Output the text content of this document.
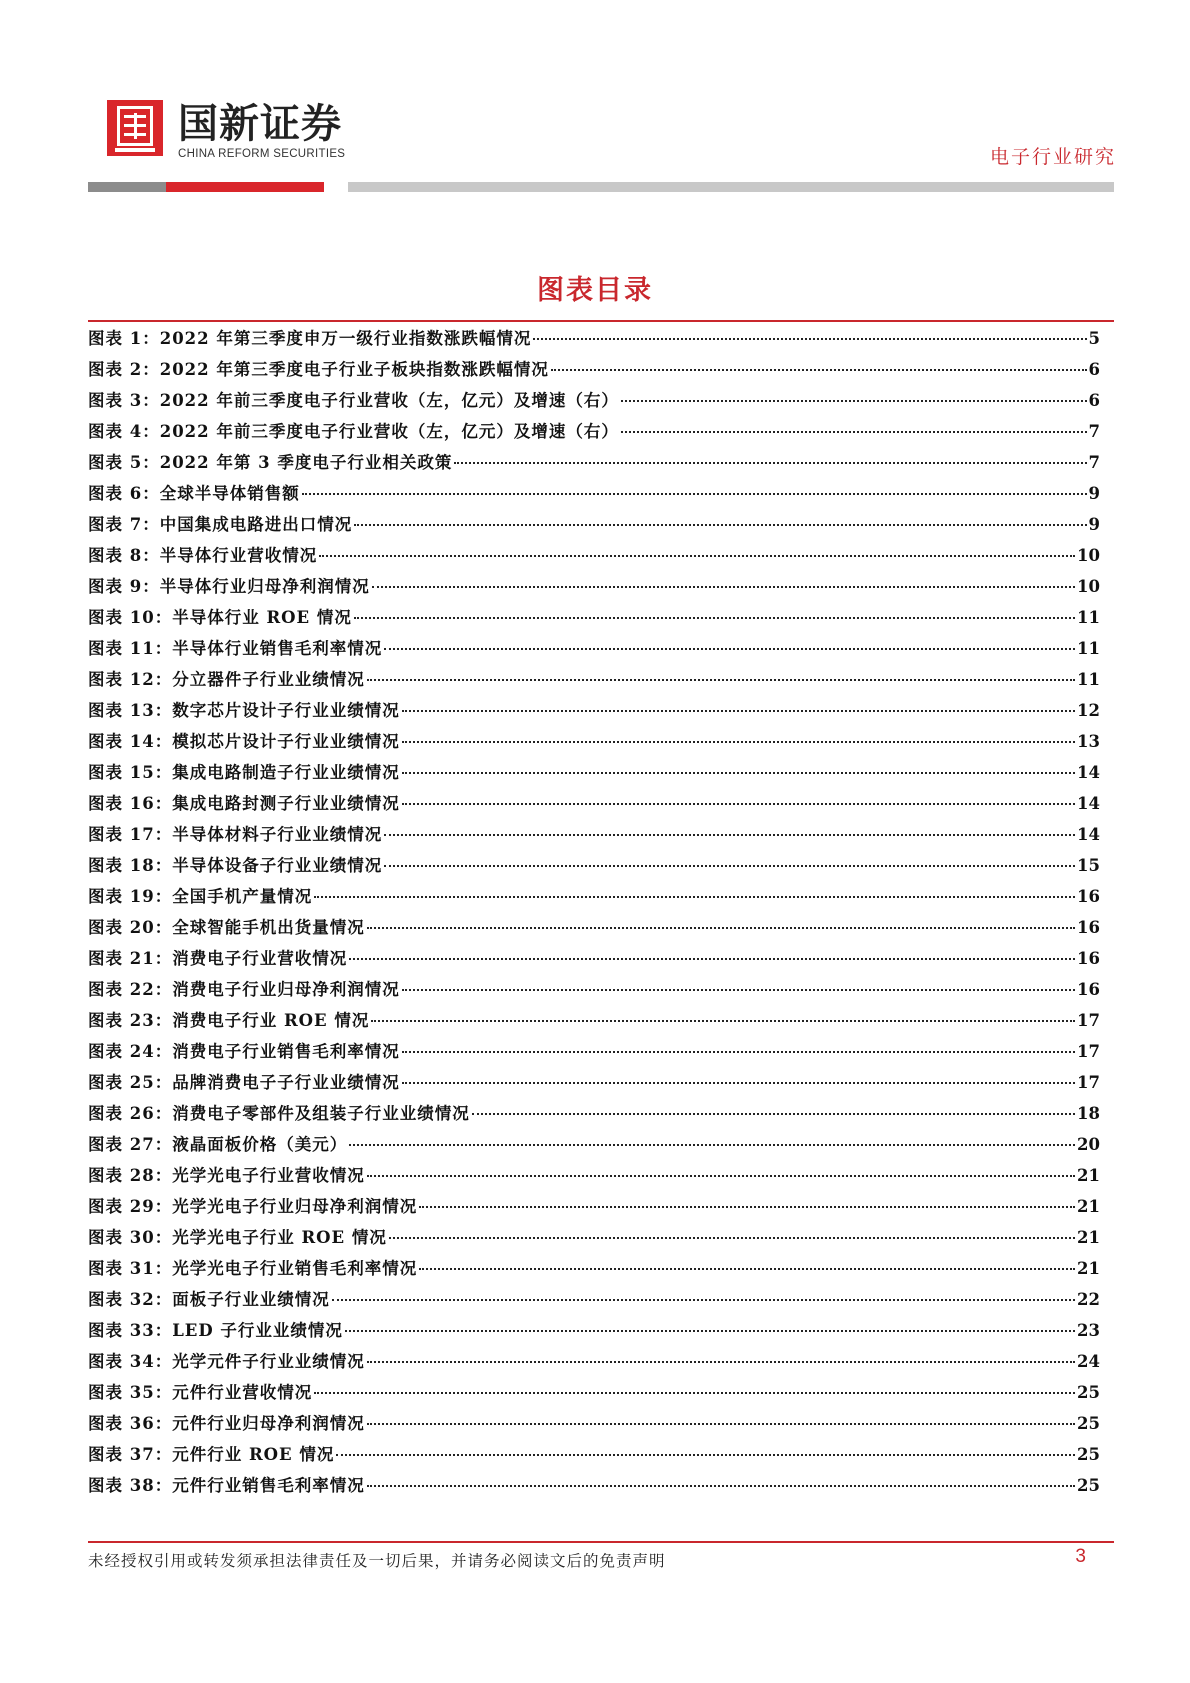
国新证券
CHINA REFORM SECURITIES	电子行业研究
图表目录
图表 1：2022 年第三季度申万一级行业指数涨跌幅情况	5
图表 2：2022 年第三季度电子行业子板块指数涨跌幅情况	6
图表 3：2022 年前三季度电子行业营收（左，亿元）及增速（右）	6
图表 4：2022 年前三季度电子行业营收（左，亿元）及增速（右）	7
图表 5：2022 年第 3 季度电子行业相关政策	7
图表 6：全球半导体销售额	9
图表 7：中国集成电路进出口情况	9
图表 8：半导体行业营收情况	10
图表 9：半导体行业归母净利润情况	10
图表 10：半导体行业 ROE 情况	11
图表 11：半导体行业销售毛利率情况	11
图表 12：分立器件子行业业绩情况	11
图表 13：数字芯片设计子行业业绩情况	12
图表 14：模拟芯片设计子行业业绩情况	13
图表 15：集成电路制造子行业业绩情况	14
图表 16：集成电路封测子行业业绩情况	14
图表 17：半导体材料子行业业绩情况	14
图表 18：半导体设备子行业业绩情况	15
图表 19：全国手机产量情况	16
图表 20：全球智能手机出货量情况	16
图表 21：消费电子行业营收情况	16
图表 22：消费电子行业归母净利润情况	16
图表 23：消费电子行业 ROE 情况	17
图表 24：消费电子行业销售毛利率情况	17
图表 25：品牌消费电子子行业业绩情况	17
图表 26：消费电子零部件及组装子行业业绩情况	18
图表 27：液晶面板价格（美元）	20
图表 28：光学光电子行业营收情况	21
图表 29：光学光电子行业归母净利润情况	21
图表 30：光学光电子行业 ROE 情况	21
图表 31：光学光电子行业销售毛利率情况	21
图表 32：面板子行业业绩情况	22
图表 33：LED 子行业业绩情况	23
图表 34：光学元件子行业业绩情况	24
图表 35：元件行业营收情况	25
图表 36：元件行业归母净利润情况	25
图表 37：元件行业 ROE 情况	25
图表 38：元件行业销售毛利率情况	25
未经授权引用或转发须承担法律责任及一切后果，并请务必阅读文后的免责声明	3
